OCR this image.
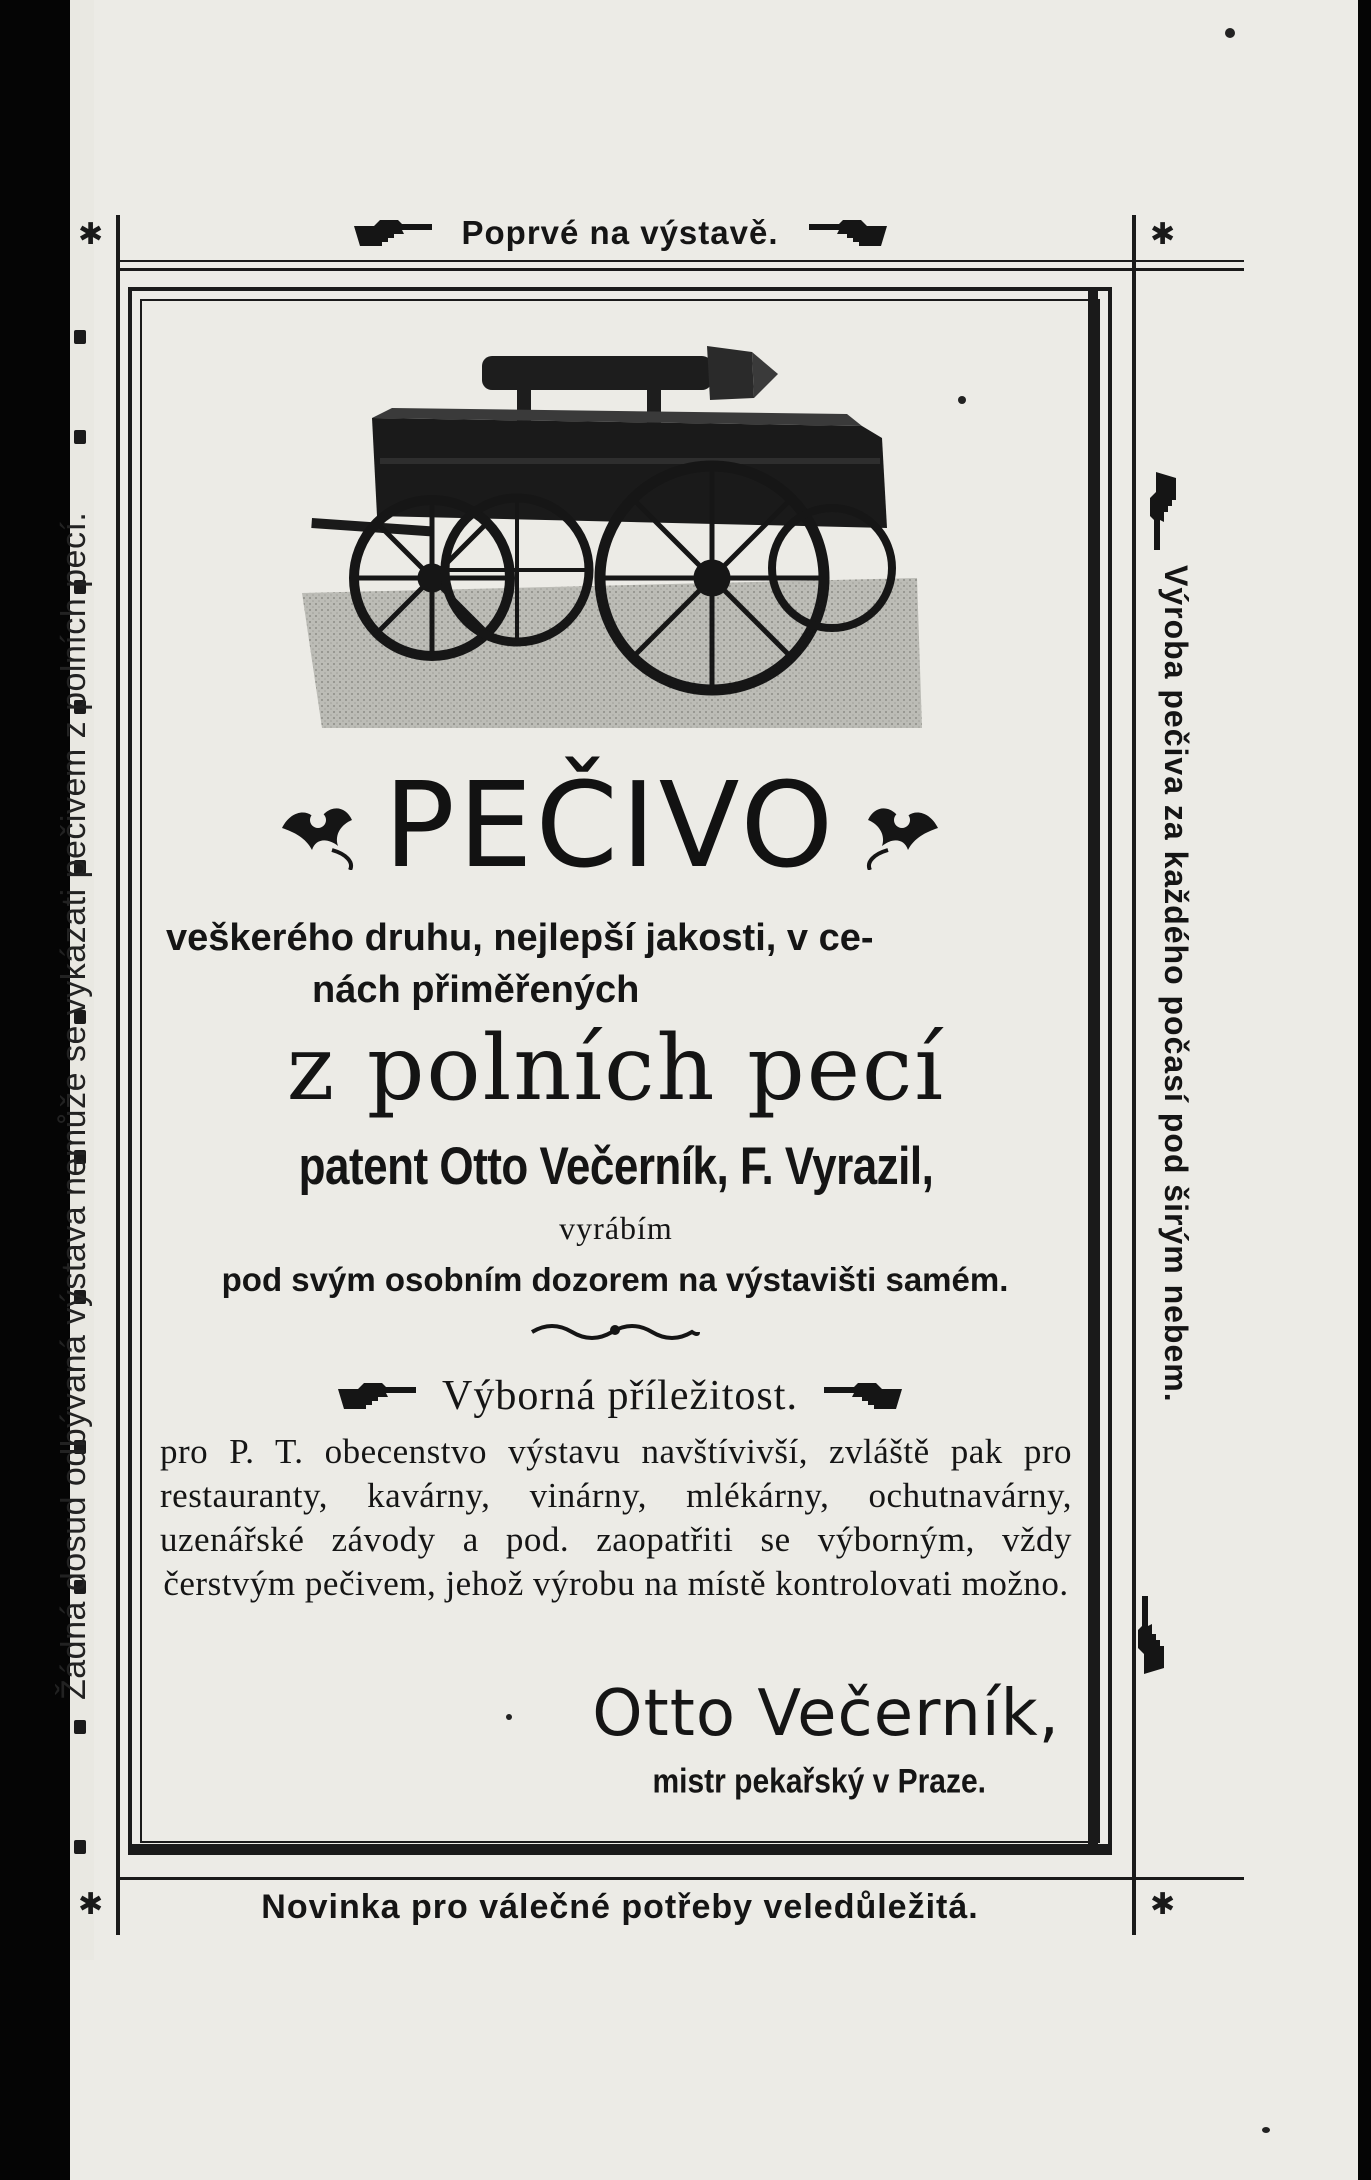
✱	✱
✱	✱
Poprvé na výstavě.
Žádná dosud odbývaná výstava nemůže se vykázati pečivem z polních pecí.	Výroba pečiva za každého počasí pod širým nebem.
PEČIVO
veškerého druhu, nejlepší jakosti, v ce-
nách přiměřených
z polních pecí
patent Otto Večerník, F. Vyrazil,
vyrábím
pod svým osobním dozorem na výstavišti samém.
Výborná příležitost.
pro P. T. obecenstvo výstavu navštívivší, zvláště pak pro restauranty, kavárny, vinárny, mlékárny, ochutnavárny, uzenářské závody a pod. zaopatřiti se výborným, vždy čerstvým pečivem, jehož výrobu na místě kontrolovati možno.
Otto Večerník,
mistr pekařský v Praze.
Novinka pro válečné potřeby veledůležitá.
